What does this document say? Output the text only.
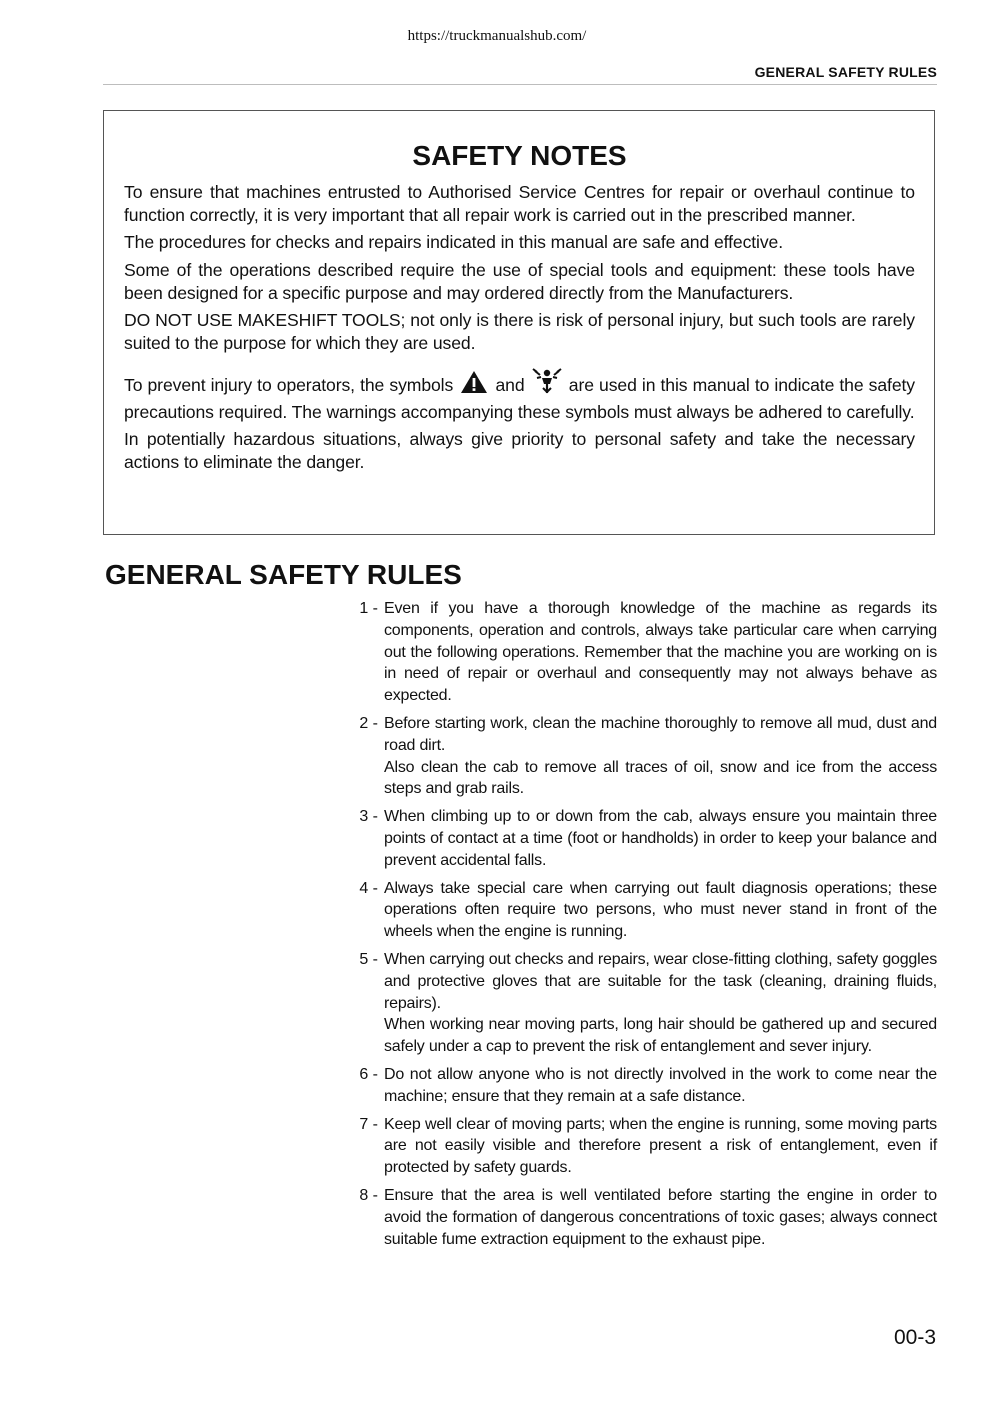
https://truckmanualshub.com/
GENERAL SAFETY RULES
SAFETY NOTES

To ensure that machines entrusted to Authorised Service Centres for repair or overhaul continue to function correctly, it is very important that all repair work is carried out in the prescribed manner.

The procedures for checks and repairs indicated in this manual are safe and effective.

Some of the operations described require the use of special tools and equipment: these tools have been designed for a specific purpose and may ordered directly from the Manufacturers.

DO NOT USE MAKESHIFT TOOLS; not only is there is risk of personal injury, but such tools are rarely suited to the purpose for which they are used.

To prevent injury to operators, the symbols and	are used in this manual to indicate the safety precautions required. The warnings accompanying these symbols must always be adhered to carefully.

In potentially hazardous situations, always give priority to personal safety and take the necessary actions to eliminate the danger.

GENERAL SAFETY RULES
1 - Even if you have a thorough knowledge of the machine as regards its components, operation and controls, always take particular care when carrying out the following operations. Remember that the machine you are working on is in need of repair or overhaul and consequently may not always behave as expected.

2 - Before starting work, clean the machine thoroughly to remove all mud, dust and road dirt.

Also clean the cab to remove all traces of oil, snow and ice from the access steps and grab rails.

3 - When climbing up to or down from the cab, always ensure you maintain three points of contact at a time (foot or handholds) in order to keep your balance and prevent accidental falls.

4 - Always take special care when carrying out fault diagnosis operations; these operations often require two persons, who must never stand in front of the wheels when the engine is running.

5 - When carrying out checks and repairs, wear close-fitting clothing, safety goggles and protective gloves that are suitable for the task (cleaning, draining fluids, repairs).

When working near moving parts, long hair should be gathered up and secured safely under a cap to prevent the risk of entanglement and sever injury.

6 - Do not allow anyone who is not directly involved in the work to come near the machine; ensure that they remain at a safe distance.

7 - Keep well clear of moving parts; when the engine is running, some moving parts are not easily visible and therefore present a risk of entanglement, even if protected by safety guards.

8 - Ensure that the area is well ventilated before starting the engine in order to avoid the formation of dangerous concentrations of toxic gases; always connect suitable fume extraction equipment to the exhaust pipe.

00-3
